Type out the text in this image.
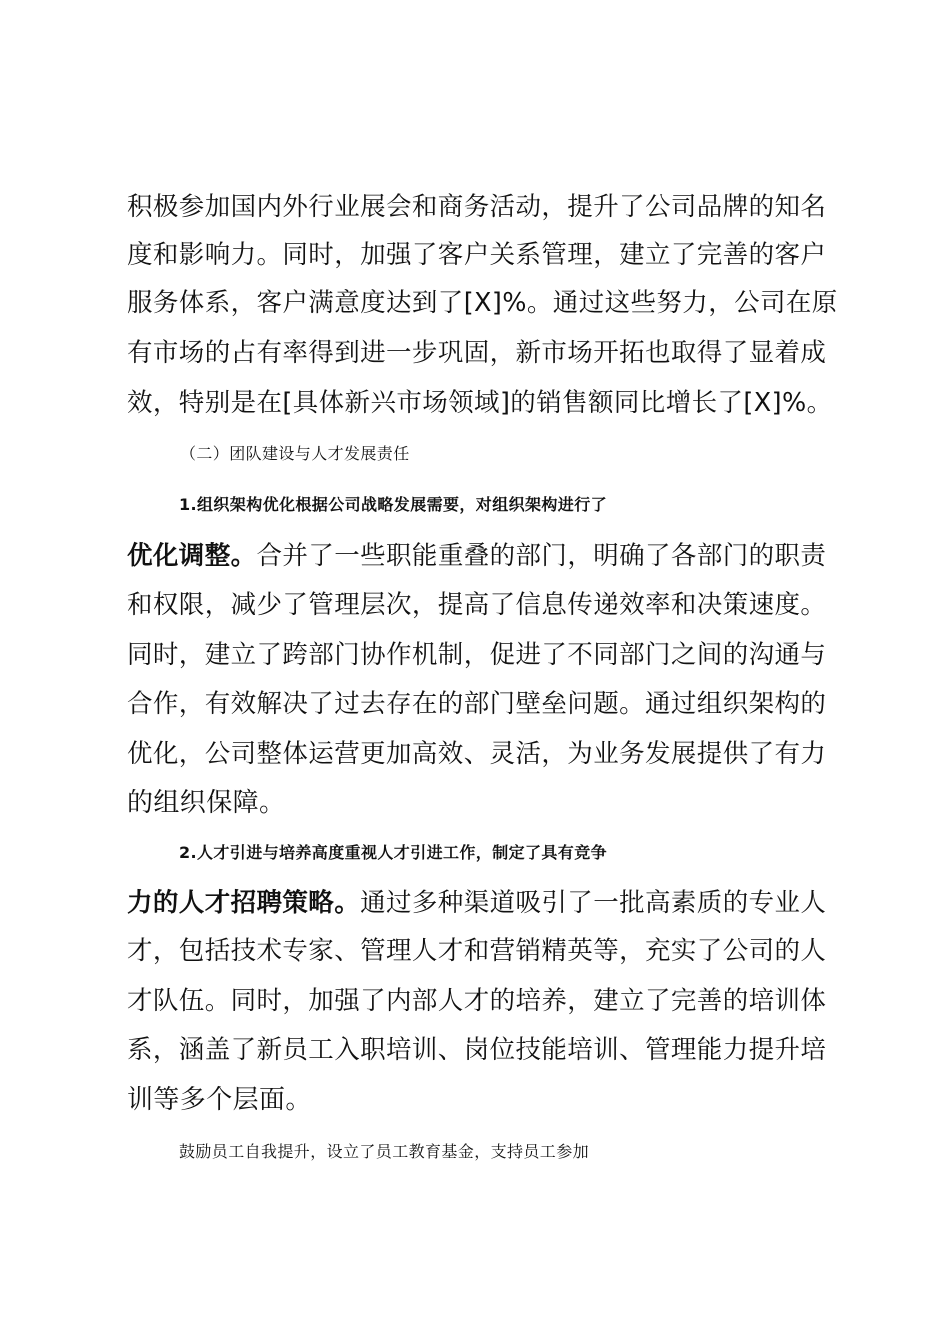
积极参加国内外行业展会和商务活动，提升了公司品牌的知名
度和影响力。同时，加强了客户关系管理，建立了完善的客户
服务体系，客户满意度达到了[X]%。通过这些努力，公司在原
有市场的占有率得到进一步巩固，新市场开拓也取得了显着成
效，特别是在[具体新兴市场领域]的销售额同比增长了[X]%。
（二）团队建设与人才发展责任
1.组织架构优化根据公司战略发展需要，对组织架构进行了
优化调整。合并了一些职能重叠的部门，明确了各部门的职责
和权限，减少了管理层次，提高了信息传递效率和决策速度。
同时，建立了跨部门协作机制，促进了不同部门之间的沟通与
合作，有效解决了过去存在的部门壁垒问题。通过组织架构的
优化，公司整体运营更加高效、灵活，为业务发展提供了有力
的组织保障。
2.人才引进与培养高度重视人才引进工作，制定了具有竞争
力的人才招聘策略。通过多种渠道吸引了一批高素质的专业人
才，包括技术专家、管理人才和营销精英等，充实了公司的人
才队伍。同时，加强了内部人才的培养，建立了完善的培训体
系，涵盖了新员工入职培训、岗位技能培训、管理能力提升培
训等多个层面。
鼓励员工自我提升，设立了员工教育基金，支持员工参加
